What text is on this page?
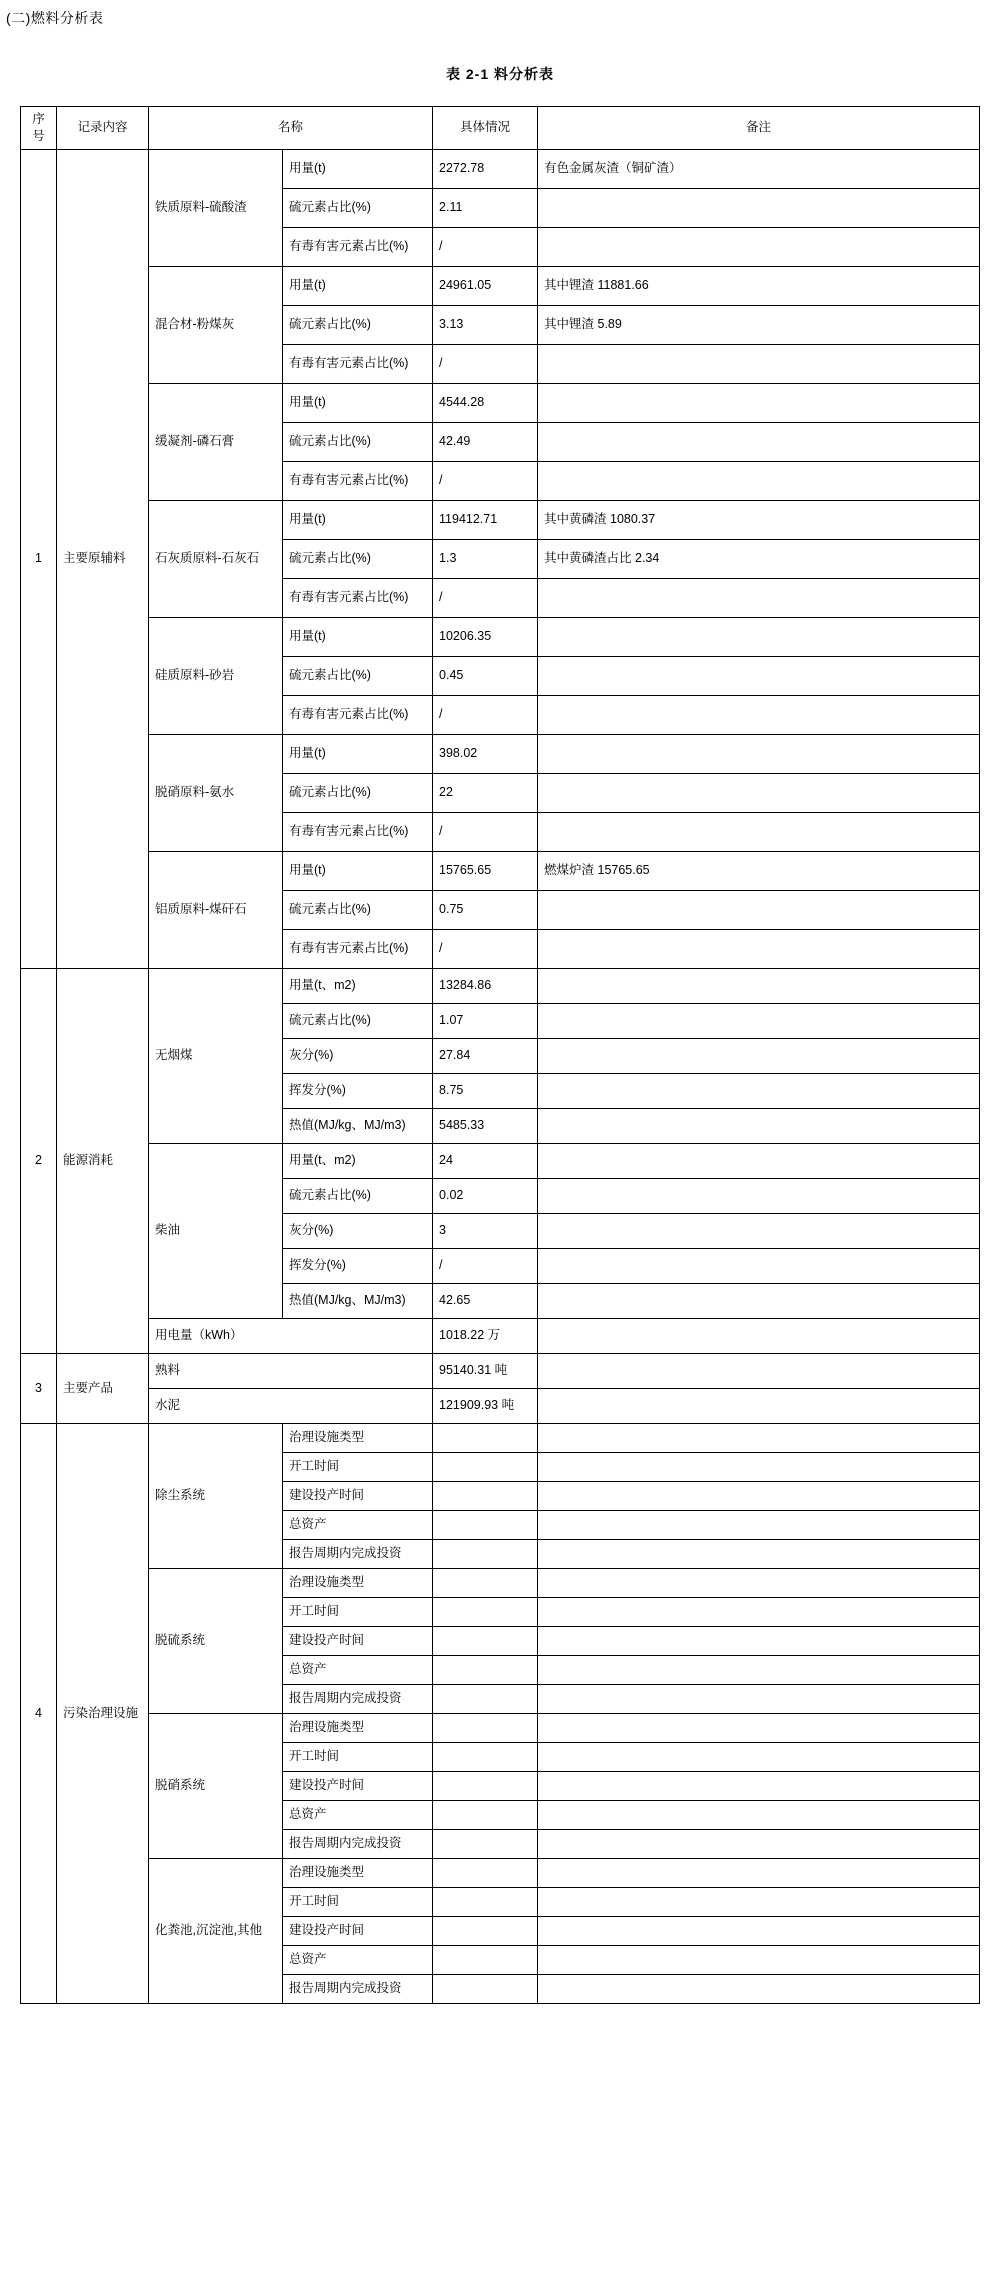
(二)燃料分析表
表 2-1 料分析表
序号	记录内容	名称		具体情况	备注
1	主要原辅料	铁质原料-硫酸渣	用量(t)	2272.78	有色金属灰渣（铜矿渣）
			硫元素占比(%)	2.11	
			有毒有害元素占比(%)	/	
		混合材-粉煤灰	用量(t)	24961.05	其中锂渣 11881.66
			硫元素占比(%)	3.13	其中锂渣 5.89
			有毒有害元素占比(%)	/	
		缓凝剂-磷石膏	用量(t)	4544.28	
			硫元素占比(%)	42.49	
			有毒有害元素占比(%)	/	
		石灰质原料-石灰石	用量(t)	119412.71	其中黄磷渣 1080.37
			硫元素占比(%)	1.3	其中黄磷渣占比 2.34
			有毒有害元素占比(%)	/	
		硅质原料-砂岩	用量(t)	10206.35	
			硫元素占比(%)	0.45	
			有毒有害元素占比(%)	/	
		脱硝原料-氨水	用量(t)	398.02	
			硫元素占比(%)	22	
			有毒有害元素占比(%)	/	
		铝质原料-煤矸石	用量(t)	15765.65	燃煤炉渣 15765.65
			硫元素占比(%)	0.75	
			有毒有害元素占比(%)	/	
2	能源消耗	无烟煤	用量(t、m2)	13284.86	
			硫元素占比(%)	1.07	
			灰分(%)	27.84	
			挥发分(%)	8.75	
			热值(MJ/kg、MJ/m3)	5485.33	
		柴油	用量(t、m2)	24	
			硫元素占比(%)	0.02	
			灰分(%)	3	
			挥发分(%)	/	
			热值(MJ/kg、MJ/m3)	42.65	
		用电量（kWh）		1018.22 万	
3	主要产品	熟料		95140.31 吨	
		水泥		121909.93 吨	
4	污染治理设施	除尘系统	治理设施类型		
			开工时间		
			建设投产时间		
			总资产		
			报告周期内完成投资		
		脱硫系统	治理设施类型		
			开工时间		
			建设投产时间		
			总资产		
			报告周期内完成投资		
		脱硝系统	治理设施类型		
			开工时间		
			建设投产时间		
			总资产		
			报告周期内完成投资		
		化粪池,沉淀池,其他	治理设施类型		
			开工时间		
			建设投产时间		
			总资产		
			报告周期内完成投资		
